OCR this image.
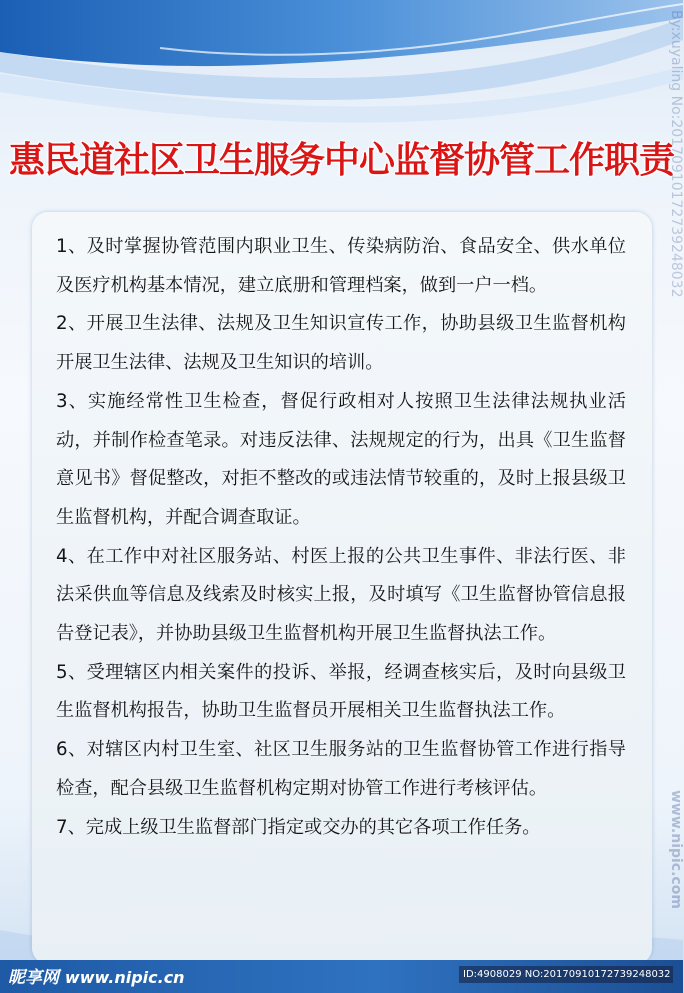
惠民道社区卫生服务中心监督协管工作职责

1、及时掌握协管范围内职业卫生、传染病防治、食品安全、供水单位及医疗机构基本情况，建立底册和管理档案，做到一户一档。

2、开展卫生法律、法规及卫生知识宣传工作，协助县级卫生监督机构开展卫生法律、法规及卫生知识的培训。

3、实施经常性卫生检查，督促行政相对人按照卫生法律法规执业活动，并制作检查笔录。对违反法律、法规规定的行为，出具《卫生监督意见书》督促整改，对拒不整改的或违法情节较重的，及时上报县级卫生监督机构，并配合调查取证。

4、在工作中对社区服务站、村医上报的公共卫生事件、非法行医、非法采供血等信息及线索及时核实上报，及时填写《卫生监督协管信息报告登记表》，并协助县级卫生监督机构开展卫生监督执法工作。

5、受理辖区内相关案件的投诉、举报，经调查核实后，及时向县级卫生监督机构报告，协助卫生监督员开展相关卫生监督执法工作。

6、对辖区内村卫生室、社区卫生服务站的卫生监督协管工作进行指导检查，配合县级卫生监督机构定期对协管工作进行考核评估。

7、完成上级卫生监督部门指定或交办的其它各项工作任务。

By:xuyaling No:20170910172739248032
www.nipic.com
昵享网 www.nipic.cn	ID:4908029 NO:20170910172739248032
